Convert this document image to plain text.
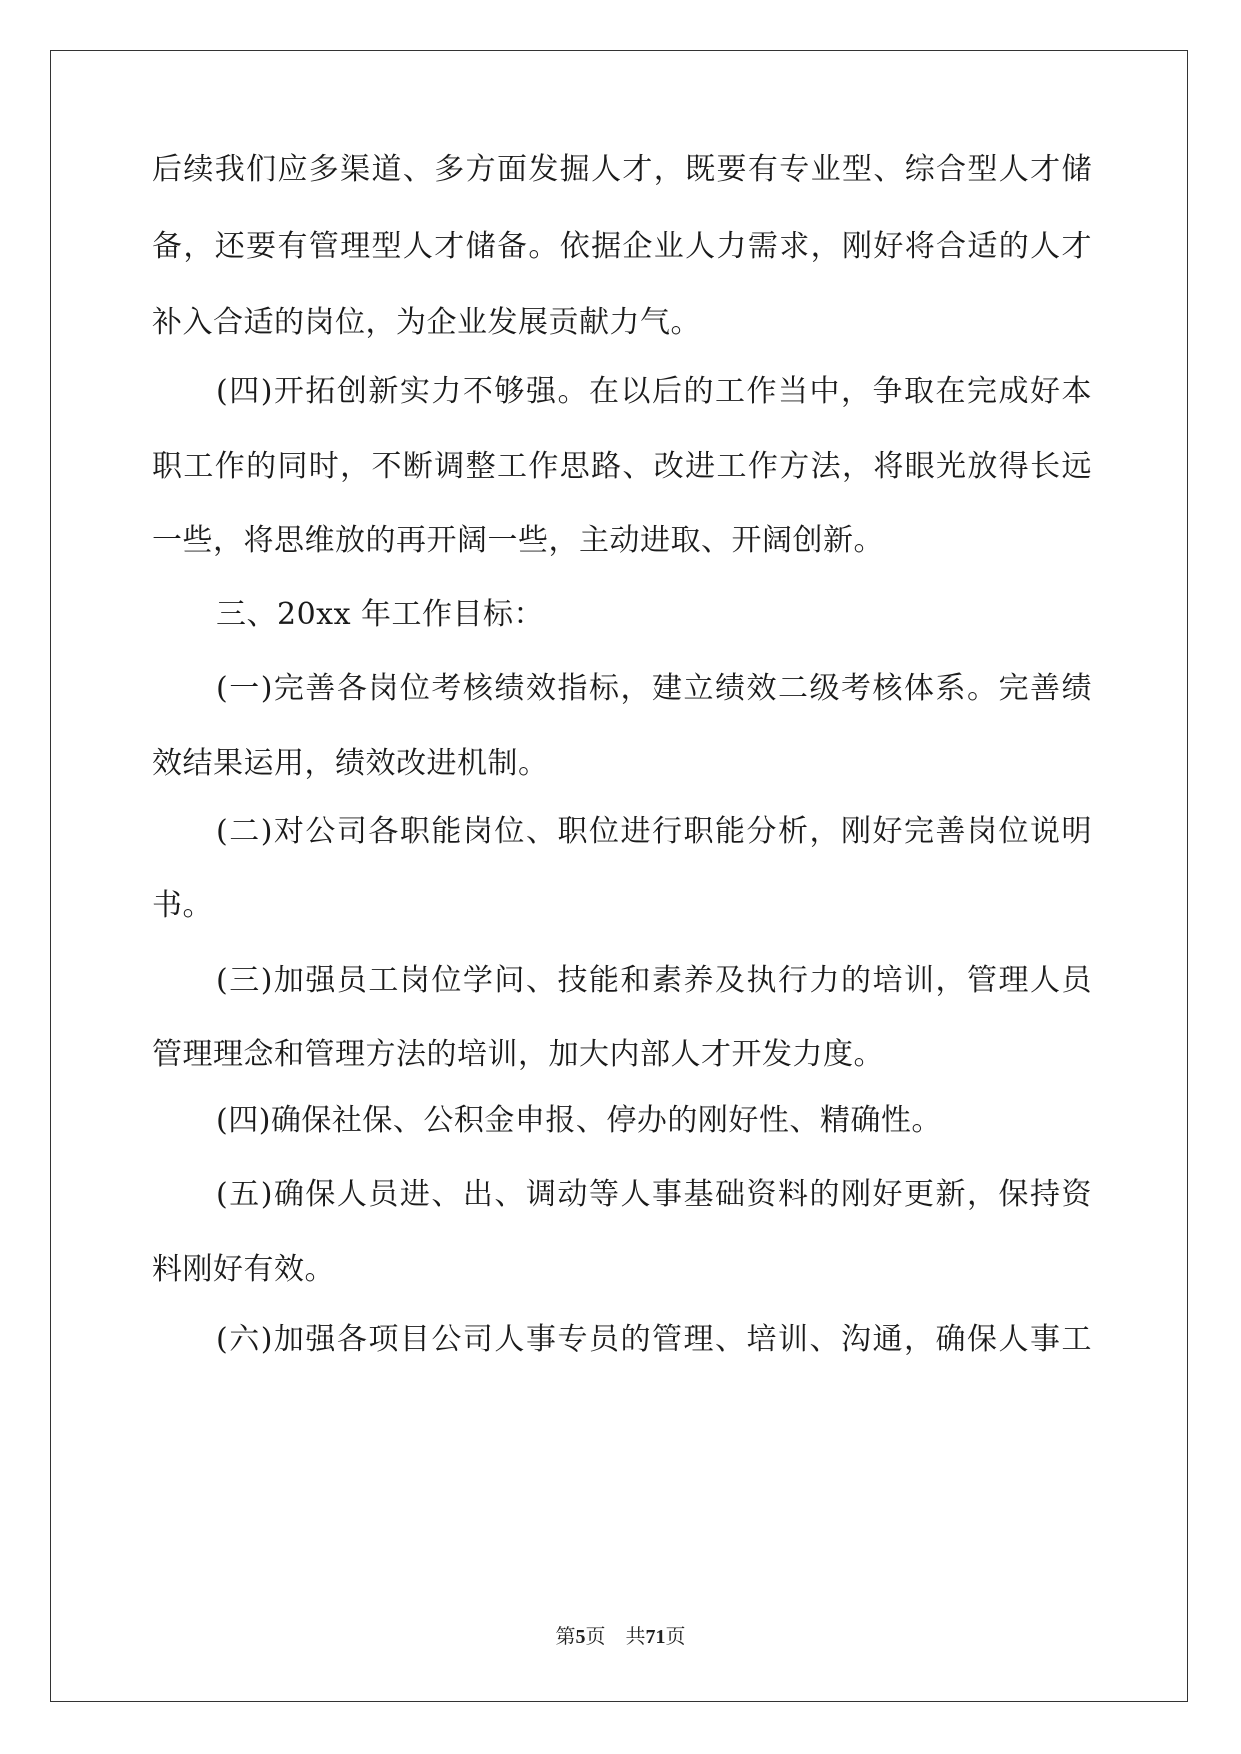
后续我们应多渠道、多方面发掘人才，既要有专业型、综合型人才储
备，还要有管理型人才储备。依据企业人力需求，刚好将合适的人才
补入合适的岗位，为企业发展贡献力气。
(四)开拓创新实力不够强。在以后的工作当中，争取在完成好本
职工作的同时，不断调整工作思路、改进工作方法，将眼光放得长远
一些，将思维放的再开阔一些，主动进取、开阔创新。
三、20xx 年工作目标：
(一)完善各岗位考核绩效指标，建立绩效二级考核体系。完善绩
效结果运用，绩效改进机制。
(二)对公司各职能岗位、职位进行职能分析，刚好完善岗位说明
书。
(三)加强员工岗位学问、技能和素养及执行力的培训，管理人员
管理理念和管理方法的培训，加大内部人才开发力度。
(四)确保社保、公积金申报、停办的刚好性、精确性。
(五)确保人员进、出、调动等人事基础资料的刚好更新，保持资
料刚好有效。
(六)加强各项目公司人事专员的管理、培训、沟通，确保人事工
第5页 共71页
